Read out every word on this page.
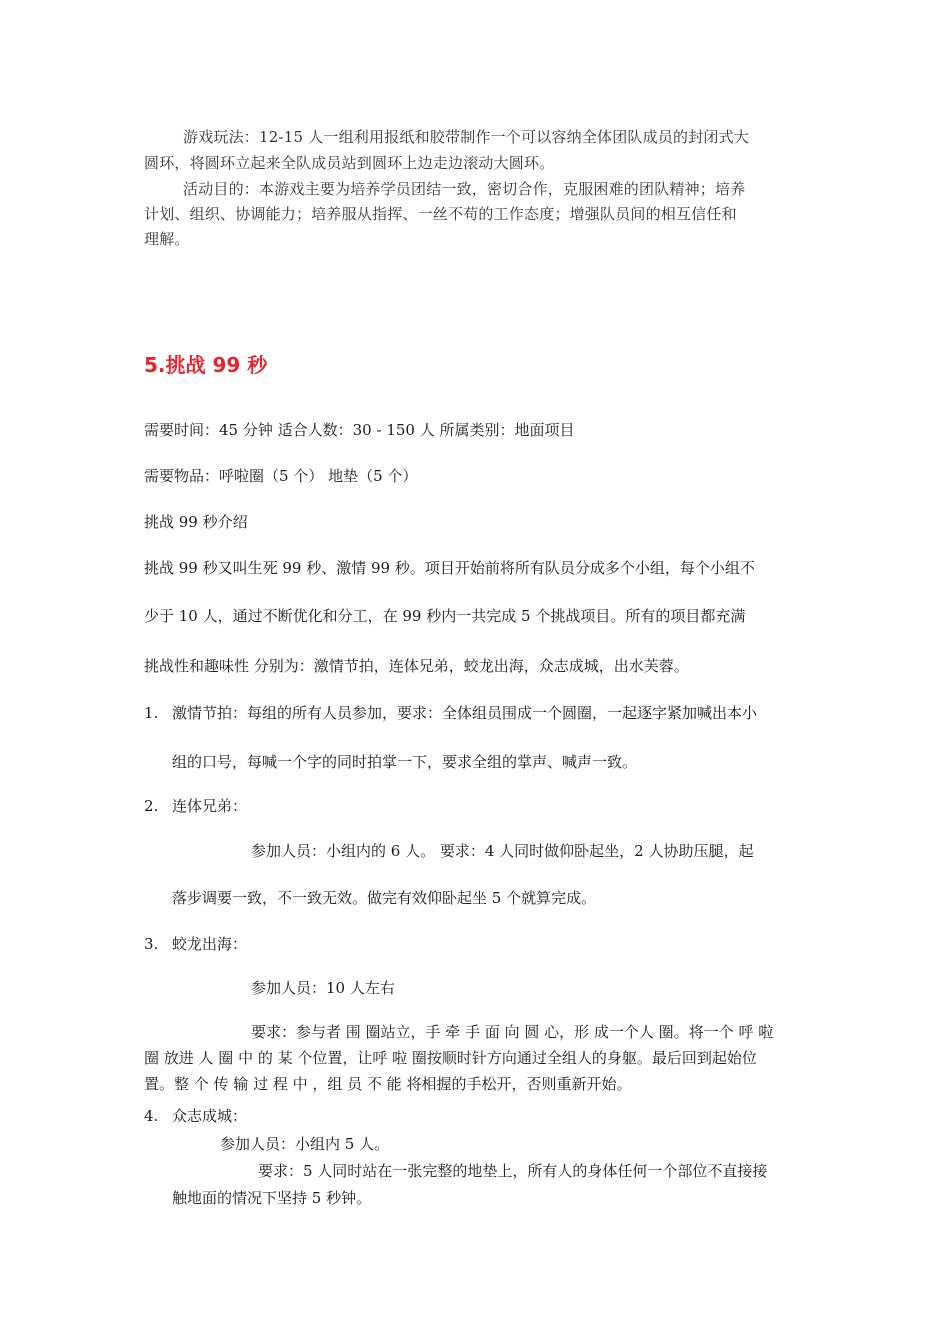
游戏玩法：12-15 人一组利用报纸和胶带制作一个可以容纳全体团队成员的封闭式大
圆环，将圆环立起来全队成员站到圆环上边走边滚动大圆环。
活动目的：本游戏主要为培养学员团结一致，密切合作，克服困难的团队精神；培养
计划、组织、协调能力；培养服从指挥、一丝不苟的工作态度；增强队员间的相互信任和
理解。
5.挑战 99 秒
需要时间：45 分钟 适合人数：30 - 150 人 所属类别：地面项目
需要物品：呼啦圈（5 个） 地垫（5 个）
挑战 99 秒介绍
挑战 99 秒又叫生死 99 秒、激情 99 秒。项目开始前将所有队员分成多个小组，每个小组不
少于 10 人，通过不断优化和分工，在 99 秒内一共完成 5 个挑战项目。所有的项目都充满
挑战性和趣味性 分别为：激情节拍，连体兄弟，蛟龙出海，众志成城，出水芙蓉。
1. 激情节拍：每组的所有人员参加，要求：全体组员围成一个圆圈，一起逐字紧加喊出本小
组的口号，每喊一个字的同时拍掌一下，要求全组的掌声、喊声一致。
2. 连体兄弟：
参加人员：小组内的 6 人。 要求：4 人同时做仰卧起坐，2 人协助压腿，起
落步调要一致，不一致无效。做完有效仰卧起坐 5 个就算完成。
3. 蛟龙出海：
参加人员：10 人左右
要求：参与者 围 圈站立，手 牵 手 面 向 圆 心，形 成一个人 圈。将一个 呼 啦
圈 放进 人 圈 中 的 某 个位置，让呼 啦 圈按顺时针方向通过全组人的身躯。最后回到起始位
置。整 个 传 输 过 程 中 ，组 员 不 能 将相握的手松开，否则重新开始。
4. 众志成城：
参加人员：小组内 5 人。
要求：5 人同时站在一张完整的地垫上，所有人的身体任何一个部位不直接接
触地面的情况下坚持 5 秒钟。
